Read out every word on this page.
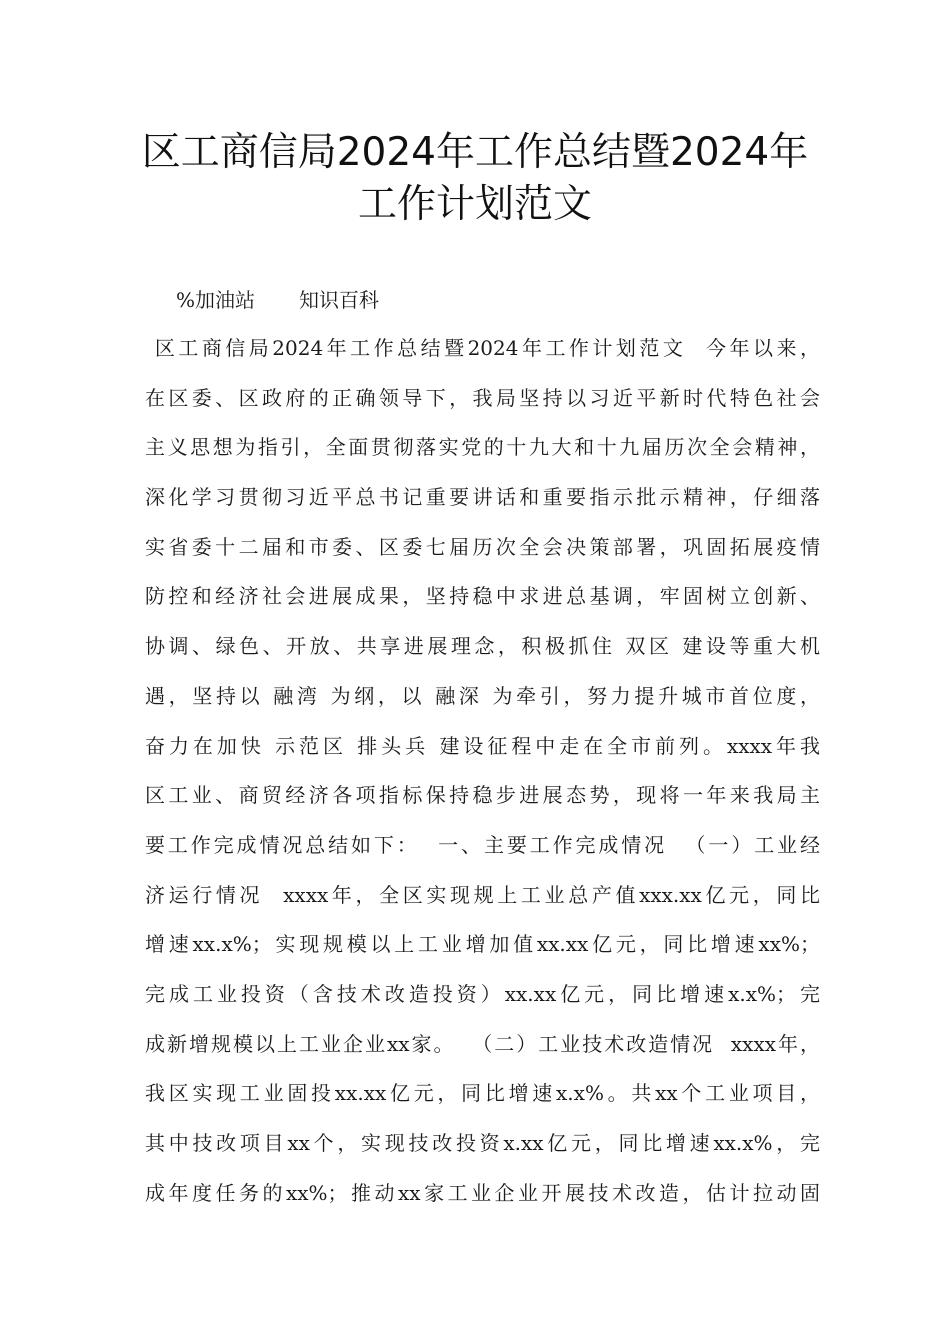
区工商信局2024年工作总结暨2024年
工作计划范文
%加油站 知识百科
区工商信局2024年工作总结暨2024年工作计划范文  今年以来，
在区委、区政府的正确领导下，我局坚持以习近平新时代特色社会
主义思想为指引，全面贯彻落实党的十九大和十九届历次全会精神，
深化学习贯彻习近平总书记重要讲话和重要指示批示精神，仔细落
实省委十二届和市委、区委七届历次全会决策部署，巩固拓展疫情
防控和经济社会进展成果，坚持稳中求进总基调，牢固树立创新、
协调、绿色、开放、共享进展理念，积极抓住 双区 建设等重大机
遇，坚持以 融湾 为纲，以 融深 为牵引，努力提升城市首位度，
奋力在加快 示范区 排头兵 建设征程中走在全市前列。xxxx年我
区工业、商贸经济各项指标保持稳步进展态势，现将一年来我局主
要工作完成情况总结如下：  一、主要工作完成情况  （一）工业经
济运行情况  xxxx年，全区实现规上工业总产值xxx.xx亿元，同比
增速xx.x%；实现规模以上工业增加值xx.xx亿元，同比增速xx%；
完成工业投资（含技术改造投资）xx.xx亿元，同比增速x.x%；完
成新增规模以上工业企业xx家。  （二）工业技术改造情况  xxxx年，
我区实现工业固投xx.xx亿元，同比增速x.x%。共xx个工业项目，
其中技改项目xx个，实现技改投资x.xx亿元，同比增速xx.x%，完
成年度任务的xx%；推动xx家工业企业开展技术改造，估计拉动固
